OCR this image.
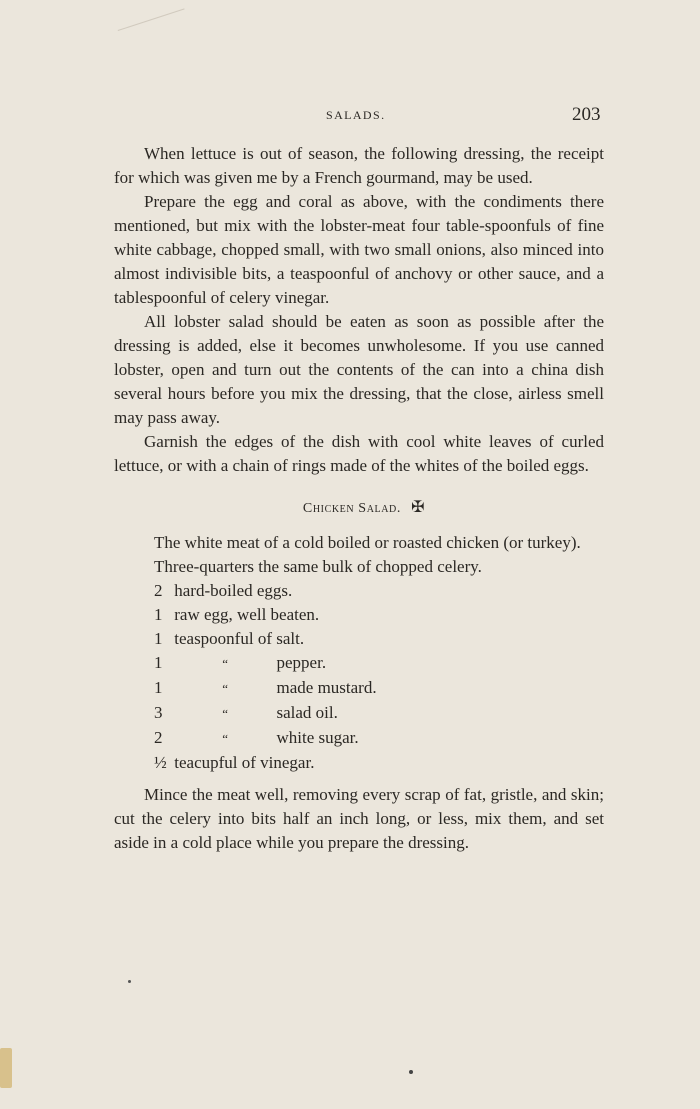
SALADS.	203

When lettuce is out of season, the following dressing, the receipt for which was given me by a French gourmand, may be used.

Prepare the egg and coral as above, with the condiments there mentioned, but mix with the lobster-meat four table-spoonfuls of fine white cabbage, chopped small, with two small onions, also minced into almost indivisible bits, a teaspoonful of anchovy or other sauce, and a tablespoonful of celery vinegar.

All lobster salad should be eaten as soon as possible after the dressing is added, else it becomes unwholesome. If you use canned lobster, open and turn out the contents of the can into a china dish several hours before you mix the dressing, that the close, airless smell may pass away.

Garnish the edges of the dish with cool white leaves of curled lettuce, or with a chain of rings made of the whites of the boiled eggs.

Chicken Salad. ✠
The white meat of a cold boiled or roasted chicken (or turkey).
Three-quarters the same bulk of chopped celery.
2 hard-boiled eggs.
1 raw egg, well beaten.
1 teaspoonful of salt.
1	“	pepper.
1	“	made mustard.
3	“	salad oil.
2	“	white sugar.
½ teacupful of vinegar.

Mince the meat well, removing every scrap of fat, gristle, and skin; cut the celery into bits half an inch long, or less, mix them, and set aside in a cold place while you prepare the dressing.
